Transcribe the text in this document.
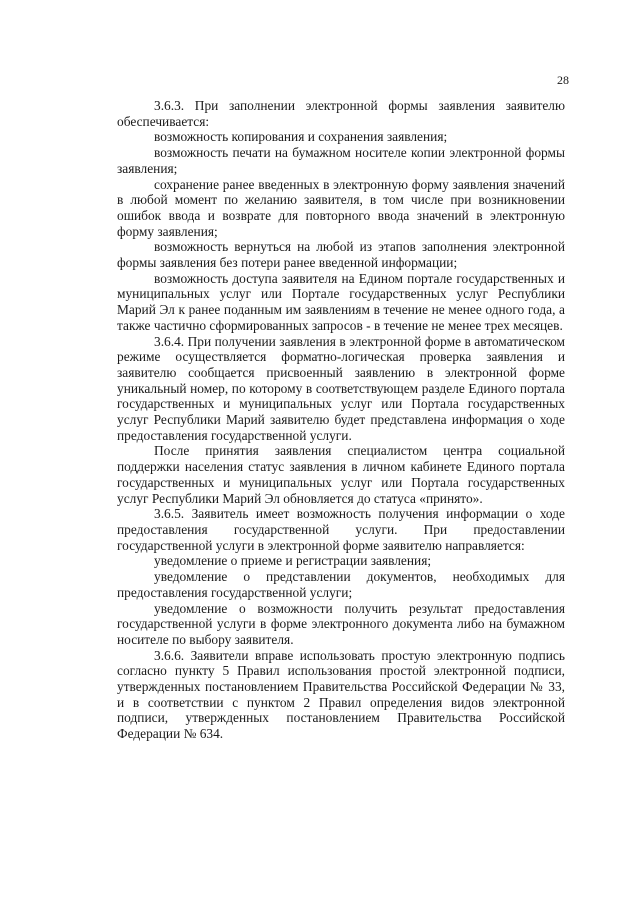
28

3.6.3. При заполнении электронной формы заявления заявителю обеспечивается:

возможность копирования и сохранения заявления;

возможность печати на бумажном носителе копии электронной формы заявления;

сохранение ранее введенных в электронную форму заявления значений в любой момент по желанию заявителя, в том числе при возникновении ошибок ввода и возврате для повторного ввода значений в электронную форму заявления;

возможность вернуться на любой из этапов заполнения электронной формы заявления без потери ранее введенной информации;

возможность доступа заявителя на Едином портале государственных и муниципальных услуг или Портале государственных услуг Республики Марий Эл к ранее поданным им заявлениям в течение не менее одного года, а также частично сформированных запросов - в течение не менее трех месяцев.

3.6.4. При получении заявления в электронной форме в автоматическом режиме осуществляется форматно-логическая проверка заявления и заявителю сообщается присвоенный заявлению в электронной форме уникальный номер, по которому в соответствующем разделе Единого портала государственных и муниципальных услуг или Портала государственных услуг Республики Марий заявителю будет представлена информация о ходе предоставления государственной услуги.

После принятия заявления специалистом центра социальной поддержки населения статус заявления в личном кабинете Единого портала государственных и муниципальных услуг или Портала государственных услуг Республики Марий Эл обновляется до статуса «принято».

3.6.5. Заявитель имеет возможность получения информации о ходе предоставления государственной услуги. При предоставлении государственной услуги в электронной форме заявителю направляется:

уведомление о приеме и регистрации заявления;

уведомление о представлении документов, необходимых для предоставления государственной услуги;

уведомление о возможности получить результат предоставления государственной услуги в форме электронного документа либо на бумажном носителе по выбору заявителя.

3.6.6. Заявители вправе использовать простую электронную подпись согласно пункту 5 Правил использования простой электронной подписи, утвержденных постановлением Правительства Российской Федерации № 33, и в соответствии с пунктом 2 Правил определения видов электронной подписи, утвержденных постановлением Правительства Российской Федерации № 634.
